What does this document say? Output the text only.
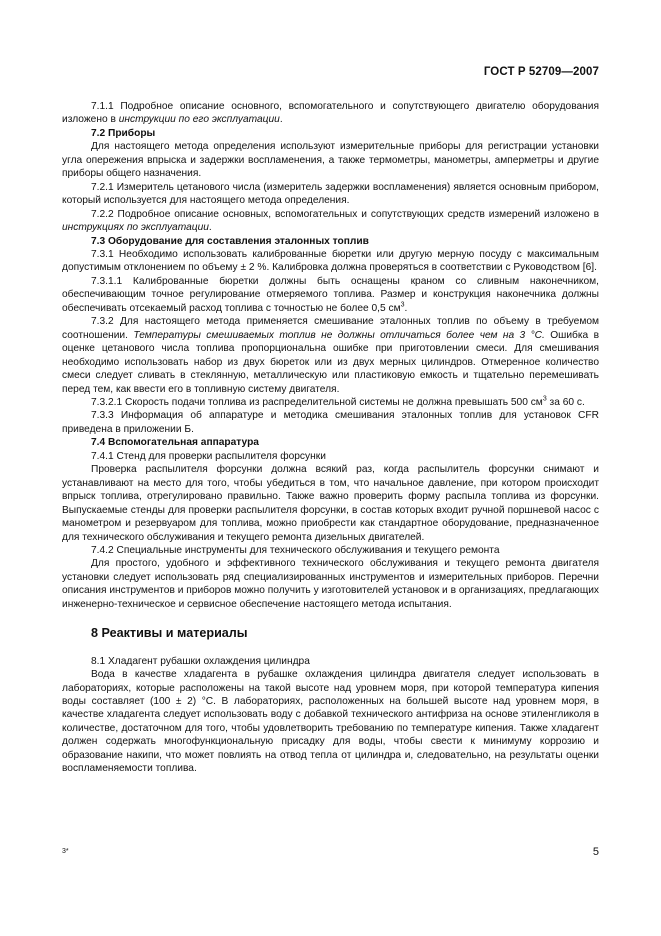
ГОСТ Р 52709—2007

7.1.1 Подробное описание основного, вспомогательного и сопутствующего двигателю оборудования изложено в инструкции по его эксплуатации.

7.2 Приборы

Для настоящего метода определения используют измерительные приборы для регистрации установки угла опережения впрыска и задержки воспламенения, а также термометры, манометры, амперметры и другие приборы общего назначения.

7.2.1 Измеритель цетанового числа (измеритель задержки воспламенения) является основным прибором, который используется для настоящего метода определения.

7.2.2 Подробное описание основных, вспомогательных и сопутствующих средств измерений изложено в инструкциях по эксплуатации.

7.3 Оборудование для составления эталонных топлив

7.3.1 Необходимо использовать калиброванные бюретки или другую мерную посуду с максимальным допустимым отклонением по объему ± 2 %. Калибровка должна проверяться в соответствии с Руководством [6].

7.3.1.1 Калиброванные бюретки должны быть оснащены краном со сливным наконечником, обеспечивающим точное регулирование отмеряемого топлива. Размер и конструкция наконечника должны обеспечивать отсекаемый расход топлива с точностью не более 0,5 $см^3$.

7.3.2 Для настоящего метода применяется смешивание эталонных топлив по объему в требуемом соотношении. Температуры смешиваемых топлив не должны отличаться более чем на 3 °С. Ошибка в оценке цетанового числа топлива пропорциональна ошибке при приготовлении смеси. Для смешивания необходимо использовать набор из двух бюреток или из двух мерных цилиндров. Отмеренное количество смеси следует сливать в стеклянную, металлическую или пластиковую емкость и тщательно перемешивать перед тем, как ввести его в топливную систему двигателя.

7.3.2.1 Скорость подачи топлива из распределительной системы не должна превышать 500 $см^3$ за 60 с.

7.3.3 Информация об аппаратуре и методика смешивания эталонных топлив для установок CFR приведена в приложении Б.

7.4 Вспомогательная аппаратура

7.4.1 Стенд для проверки распылителя форсунки

Проверка распылителя форсунки должна всякий раз, когда распылитель форсунки снимают и устанавливают на место для того, чтобы убедиться в том, что начальное давление, при котором происходит впрыск топлива, отрегулировано правильно. Также важно проверить форму распыла топлива из форсунки. Выпускаемые стенды для проверки распылителя форсунки, в состав которых входит ручной поршневой насос с манометром и резервуаром для топлива, можно приобрести как стандартное оборудование, предназначенное для технического обслуживания и текущего ремонта дизельных двигателей.

7.4.2 Специальные инструменты для технического обслуживания и текущего ремонта

Для простого, удобного и эффективного технического обслуживания и текущего ремонта двигателя установки следует использовать ряд специализированных инструментов и измерительных приборов. Перечни описания инструментов и приборов можно получить у изготовителей установок и в организациях, предлагающих инженерно-техническое и сервисное обеспечение настоящего метода испытания.

8 Реактивы и материалы

8.1 Хладагент рубашки охлаждения цилиндра

Вода в качестве хладагента в рубашке охлаждения цилиндра двигателя следует использовать в лабораториях, которые расположены на такой высоте над уровнем моря, при которой температура кипения воды составляет (100 ± 2) °С. В лабораториях, расположенных на большей высоте над уровнем моря, в качестве хладагента следует использовать воду с добавкой технического антифриза на основе этиленгликоля в количестве, достаточном для того, чтобы удовлетворить требованию по температуре кипения. Также хладагент должен содержать многофункциональную присадку для воды, чтобы свести к минимуму коррозию и образование накипи, что может повлиять на отвод тепла от цилиндра и, следовательно, на результаты оценки воспламеняемости топлива.

3*	5
